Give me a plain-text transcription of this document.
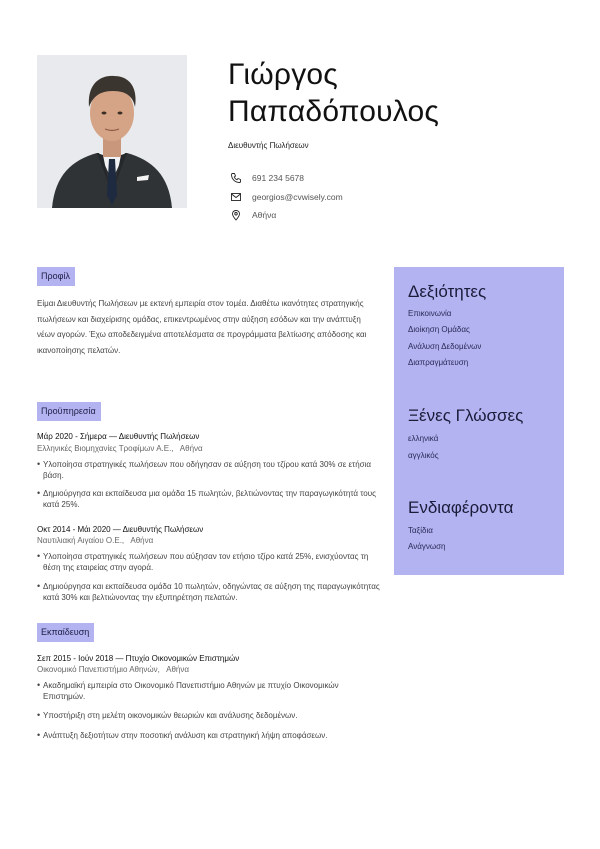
Γιώργος
Παπαδόπουλος
Διευθυντής Πωλήσεων
691 234 5678
georgios@cvwisely.com
Αθήνα
Προφίλ
Είμαι Διευθυντής Πωλήσεων με εκτενή εμπειρία στον τομέα. Διαθέτω ικανότητες στρατηγικής πωλήσεων και διαχείρισης ομάδας, επικεντρωμένος στην αύξηση εσόδων και την ανάπτυξη νέων αγορών. Έχω αποδεδειγμένα αποτελέσματα σε προγράμματα βελτίωσης απόδοσης και ικανοποίησης πελατών.
Δεξιότητες
Επικοινωνία
Διοίκηση Ομάδας
Ανάλυση Δεδομένων
Διαπραγμάτευση
Ξένες Γλώσσες
ελληνικά
αγγλικός
Ενδιαφέροντα
Ταξίδια
Ανάγνωση
Προϋπηρεσία
Μάρ 2020 - Σήμερα — Διευθυντής Πωλήσεων
Ελληνικές Βιομηχανίες Τροφίμων Α.Ε., Αθήνα
• Υλοποίησα στρατηγικές πωλήσεων που οδήγησαν σε αύξηση του τζίρου κατά 30% σε ετήσια βάση.
• Δημιούργησα και εκπαίδευσα μια ομάδα 15 πωλητών, βελτιώνοντας την παραγωγικότητά τους κατά 25%.
Οκτ 2014 - Μάι 2020 — Διευθυντής Πωλήσεων
Ναυτιλιακή Αιγαίου Ο.Ε., Αθήνα
• Υλοποίησα στρατηγικές πωλήσεων που αύξησαν τον ετήσιο τζίρο κατά 25%, ενισχύοντας τη θέση της εταιρείας στην αγορά.
• Δημιούργησα και εκπαίδευσα ομάδα 10 πωλητών, οδηγώντας σε αύξηση της παραγωγικότητας κατά 30% και βελτιώνοντας την εξυπηρέτηση πελατών.
Εκπαίδευση
Σεπ 2015 - Ιούν 2018 — Πτυχίο Οικονομικών Επιστημών
Οικονομικό Πανεπιστήμιο Αθηνών, Αθήνα
• Ακαδημαϊκή εμπειρία στο Οικονομικό Πανεπιστήμιο Αθηνών με πτυχίο Οικονομικών Επιστημών.
• Υποστήριξη στη μελέτη οικονομικών θεωριών και ανάλυσης δεδομένων.
• Ανάπτυξη δεξιοτήτων στην ποσοτική ανάλυση και στρατηγική λήψη αποφάσεων.
